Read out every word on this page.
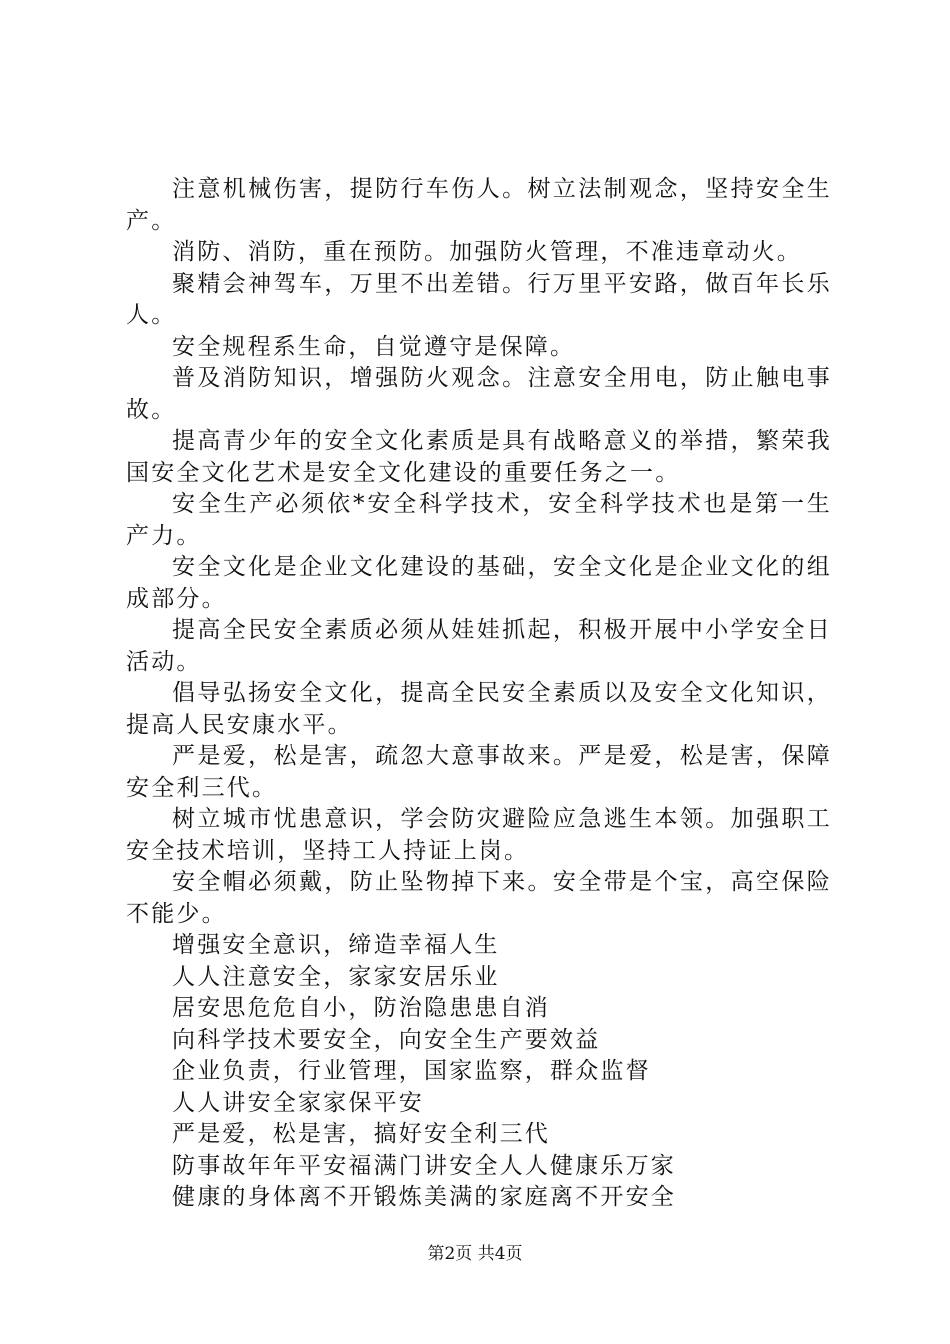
注意机械伤害，提防行车伤人。树立法制观念，坚持安全生产。

消防、消防，重在预防。加强防火管理，不准违章动火。

聚精会神驾车，万里不出差错。行万里平安路，做百年长乐人。

安全规程系生命，自觉遵守是保障。

普及消防知识，增强防火观念。注意安全用电，防止触电事故。

提高青少年的安全文化素质是具有战略意义的举措，繁荣我国安全文化艺术是安全文化建设的重要任务之一。

安全生产必须依*安全科学技术，安全科学技术也是第一生产力。

安全文化是企业文化建设的基础，安全文化是企业文化的组成部分。

提高全民安全素质必须从娃娃抓起，积极开展中小学安全日活动。

倡导弘扬安全文化，提高全民安全素质以及安全文化知识，提高人民安康水平。

严是爱，松是害，疏忽大意事故来。严是爱，松是害，保障安全利三代。

树立城市忧患意识，学会防灾避险应急逃生本领。加强职工安全技术培训，坚持工人持证上岗。

安全帽必须戴，防止坠物掉下来。安全带是个宝，高空保险不能少。

增强安全意识，缔造幸福人生

人人注意安全，家家安居乐业

居安思危危自小，防治隐患患自消

向科学技术要安全，向安全生产要效益

企业负责，行业管理，国家监察，群众监督

人人讲安全家家保平安

严是爱，松是害，搞好安全利三代

防事故年年平安福满门讲安全人人健康乐万家

健康的身体离不开锻炼美满的家庭离不开安全

第2页 共4页
